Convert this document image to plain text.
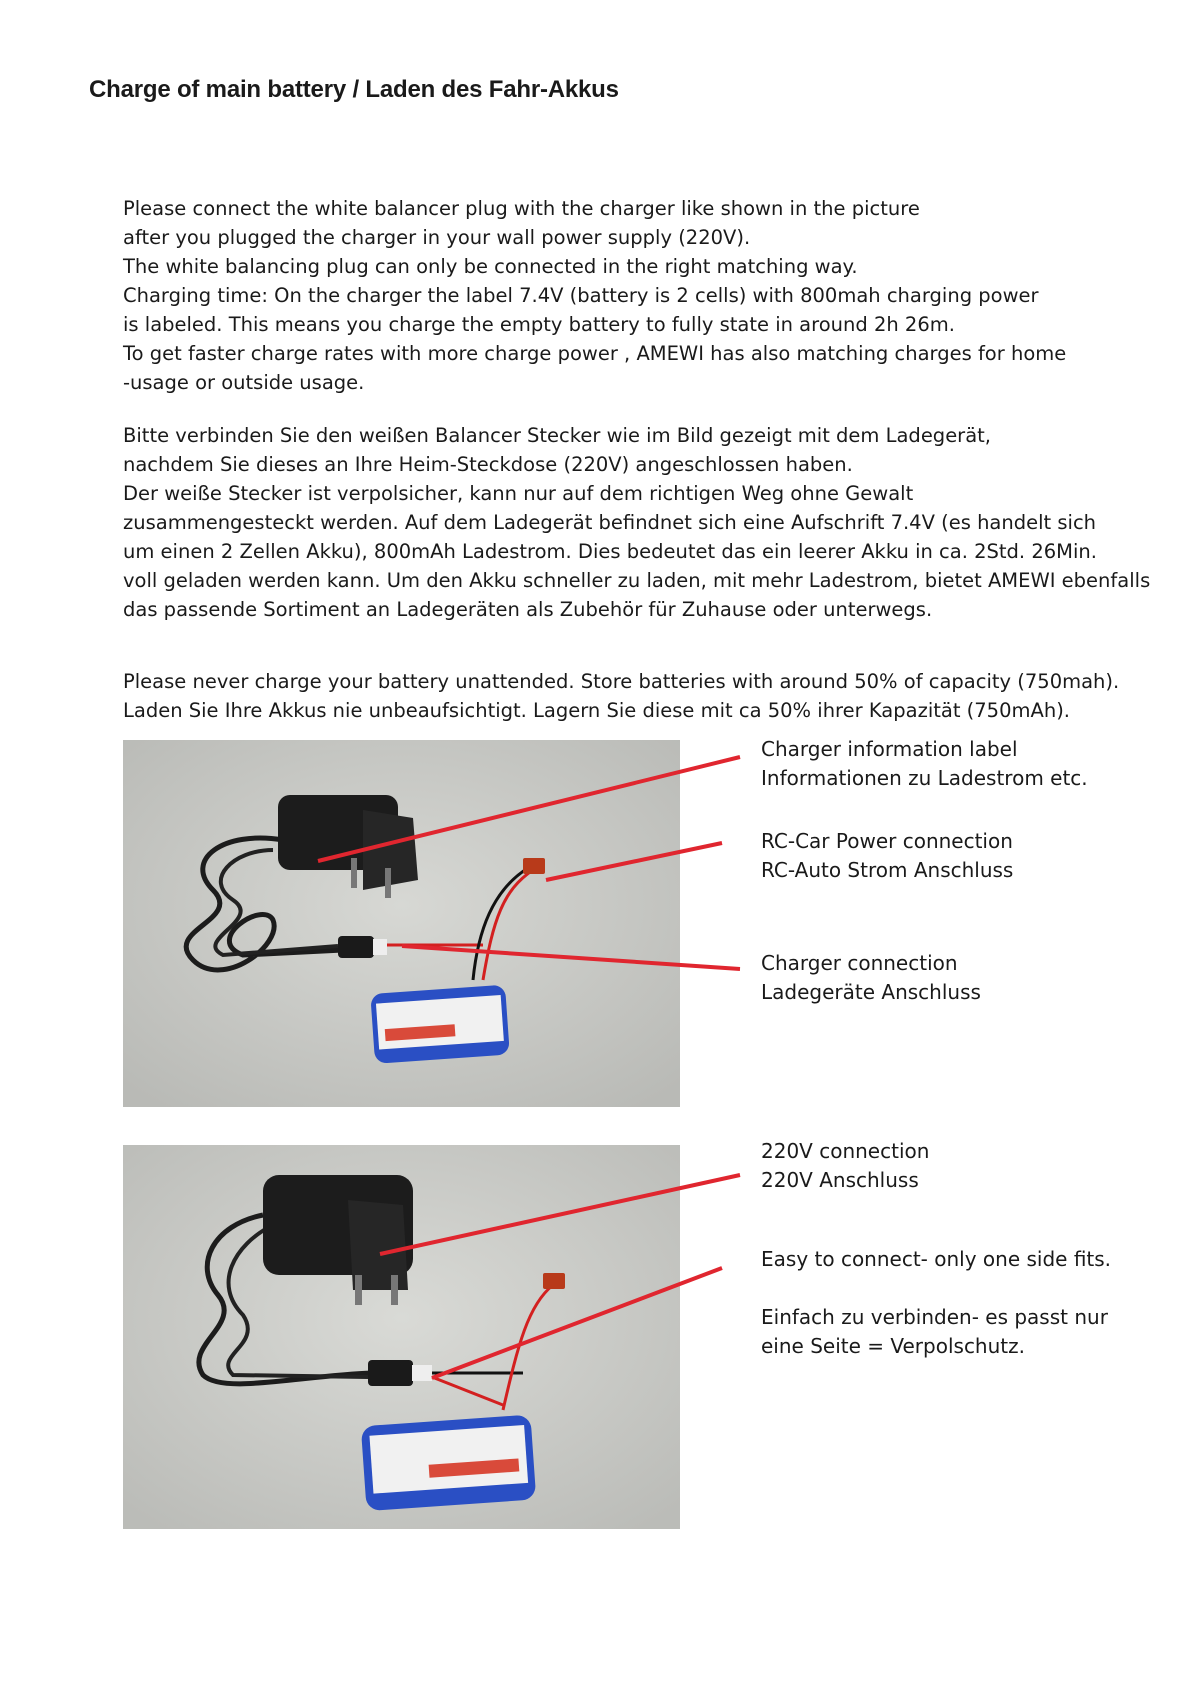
Charge of main battery / Laden des Fahr-Akkus
Please connect the white balancer plug with the charger like shown in the picture
after you plugged the charger in your wall power supply (220V).
The white balancing plug can only be connected in the right matching way.
Charging time: On the charger the label 7.4V (battery is 2 cells) with 800mah charging power
is labeled. This means you charge the empty battery to fully state in around 2h 26m.
To get faster charge rates with more charge power , AMEWI has also matching charges for home
-usage or outside usage.
Bitte verbinden Sie den weißen Balancer Stecker wie im Bild gezeigt mit dem Ladegerät,
nachdem Sie dieses an Ihre Heim-Steckdose (220V) angeschlossen haben.
Der weiße Stecker ist verpolsicher, kann nur auf dem richtigen Weg ohne Gewalt
zusammengesteckt werden. Auf dem Ladegerät befindnet sich eine Aufschrift 7.4V (es handelt sich
um einen 2 Zellen Akku), 800mAh Ladestrom. Dies bedeutet das ein leerer Akku in ca. 2Std. 26Min.
voll geladen werden kann. Um den Akku schneller zu laden, mit mehr Ladestrom, bietet AMEWI ebenfalls
das passende Sortiment an Ladegeräten als Zubehör für Zuhause oder unterwegs.
Please never charge your battery unattended. Store batteries with around 50% of capacity (750mah).
Laden Sie Ihre Akkus nie unbeaufsichtigt. Lagern Sie diese mit ca 50% ihrer Kapazität (750mAh).
Charger information label
Informationen zu Ladestrom etc.
RC-Car Power connection
RC-Auto Strom Anschluss
Charger connection
Ladegeräte Anschluss
220V connection
220V Anschluss
Easy to connect- only one side fits.
Einfach zu verbinden- es passt nur
eine Seite = Verpolschutz.
